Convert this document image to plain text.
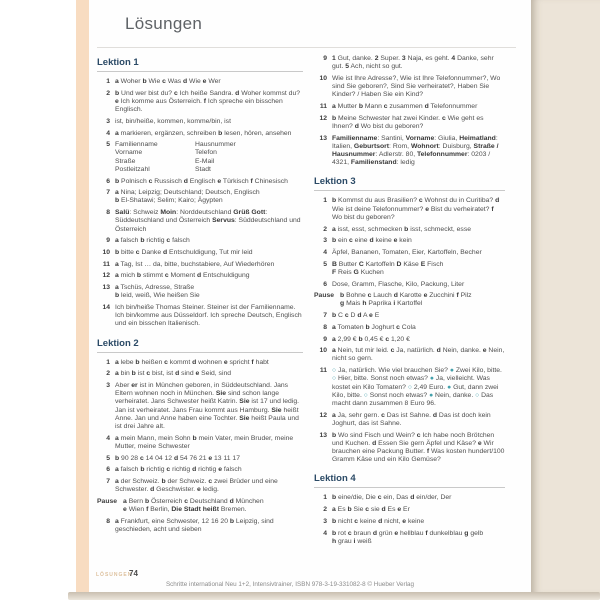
Lösungen
Lektion 1
1 a Woher b Wie c Was d Wie e Wer
2 b Und wer bist du? c Ich heiße Sandra. d Woher kommst du? e Ich komme aus Österreich. f Ich spreche ein bisschen Englisch.
3 ist, bin/heiße, kommen, komme/bin, ist
4 a markieren, ergänzen, schreiben b lesen, hören, ansehen
5 Familienname	Hausnummer
Vorname	Telefon
Straße	E-Mail
Postleitzahl	Stadt
6 b Polnisch c Russisch d Englisch e Türkisch f Chinesisch
7 a Nina; Leipzig; Deutschland; Deutsch, Englisch
b El-Shatawi; Selim; Kairo; Ägypten
8 Salü: Schweiz Moin: Norddeutschland Grüß Gott: Süddeutschland und Österreich Servus: Süddeutschland und Österreich
9 a falsch b richtig c falsch
10 b bitte c Danke d Entschuldigung, Tut mir leid
11 a Tag, Ist … da, bitte, buchstabiere, Auf Wiederhören
12 a mich b stimmt c Moment d Entschuldigung
13 a Tschüs, Adresse, Straße
b leid, weiß, Wie heißen Sie
14 Ich bin/heiße Thomas Steiner. Steiner ist der Familienname. Ich bin/komme aus Düsseldorf. Ich spreche Deutsch, Englisch und ein bisschen Italienisch.
Lektion 2
1 a lebe b heißen c kommt d wohnen e spricht f habt
2 a bin b ist c bist, ist d sind e Seid, sind
3 Aber er ist in München geboren, in Süddeutschland. Jans Eltern wohnen noch in München. Sie sind schon lange verheiratet. Jans Schwester heißt Katrin. Sie ist 17 und ledig. Jan ist verheiratet. Jans Frau kommt aus Hamburg. Sie heißt Anne. Jan und Anne haben eine Tochter. Sie heißt Paula und ist drei Jahre alt.
4 a mein Mann, mein Sohn b mein Vater, mein Bruder, meine Mutter, meine Schwester
5 b 90 28 c 14 04 12 d 54 76 21 e 13 11 17
6 a falsch b richtig c richtig d richtig e falsch
7 a der Schweiz. b der Schweiz. c zwei Brüder und eine Schwester. d Geschwister. e ledig.
Pause a Bern b Österreich c Deutschland d München
e Wien f Berlin, Die Stadt heißt Bremen.
8 a Frankfurt, eine Schwester, 12 16 20 b Leipzig, sind geschieden, acht und sieben
9 1 Gut, danke. 2 Super. 3 Naja, es geht. 4 Danke, sehr gut. 5 Ach, nicht so gut.
10 Wie ist Ihre Adresse?, Wie ist Ihre Telefonnummer?, Wo sind Sie geboren?, Sind Sie verheiratet?, Haben Sie Kinder? / Haben Sie ein Kind?
11 a Mutter b Mann c zusammen d Telefonnummer
12 b Meine Schwester hat zwei Kinder. c Wie geht es Ihnen? d Wo bist du geboren?
13 Familienname: Santini, Vorname: Giulia, Heimatland: Italien, Geburtsort: Rom, Wohnort: Duisburg, Straße / Hausnummer: Adlerstr. 80, Telefonnummer: 0203 / 4321, Familienstand: ledig
Lektion 3
1 b Kommst du aus Brasilien? c Wohnst du in Curitiba? d Wie ist deine Telefonnummer? e Bist du verheiratet? f Wo bist du geboren?
2 a isst, esst, schmecken b isst, schmeckt, esse
3 b ein c eine d keine e kein
4 Äpfel, Bananen, Tomaten, Eier, Kartoffeln, Becher
5 B Butter C Kartoffeln D Käse E Fisch
F Reis G Kuchen
6 Dose, Gramm, Flasche, Kilo, Packung, Liter
Pause b Bohne c Lauch d Karotte e Zucchini f Pilz
g Mais h Paprika i Kartoffel
7 b C c D d A e E
8 a Tomaten b Joghurt c Cola
9 a 2,99 € b 0,45 € c 1,20 €
10 a Nein, tut mir leid. c Ja, natürlich. d Nein, danke. e Nein, nicht so gern.
11 ○ Ja, natürlich. Wie viel brauchen Sie? ● Zwei Kilo, bitte. ○ Hier, bitte. Sonst noch etwas? ● Ja, vielleicht. Was kostet ein Kilo Tomaten? ○ 2,49 Euro. ● Gut, dann zwei Kilo, bitte. ○ Sonst noch etwas? ● Nein, danke. ○ Das macht dann zusammen 8 Euro 96.
12 a Ja, sehr gern. c Das ist Sahne. d Das ist doch kein Joghurt, das ist Sahne.
13 b Wo sind Fisch und Wein? c Ich habe noch Brötchen und Kuchen. d Essen Sie gern Äpfel und Käse? e Wir brauchen eine Packung Butter. f Was kosten hundert/100 Gramm Käse und ein Kilo Gemüse?
Lektion 4
1 b eine/die, Die c ein, Das d ein/der, Der
2 a Es b Sie c sie d Es e Er
3 b nicht c keine d nicht, e keine
4 b rot c braun d grün e hellblau f dunkelblau g gelb
h grau i weiß
LÖSUNGEN
74
Schritte international Neu 1+2, Intensivtrainer, ISBN 978-3-19-331082-8 © Hueber Verlag
